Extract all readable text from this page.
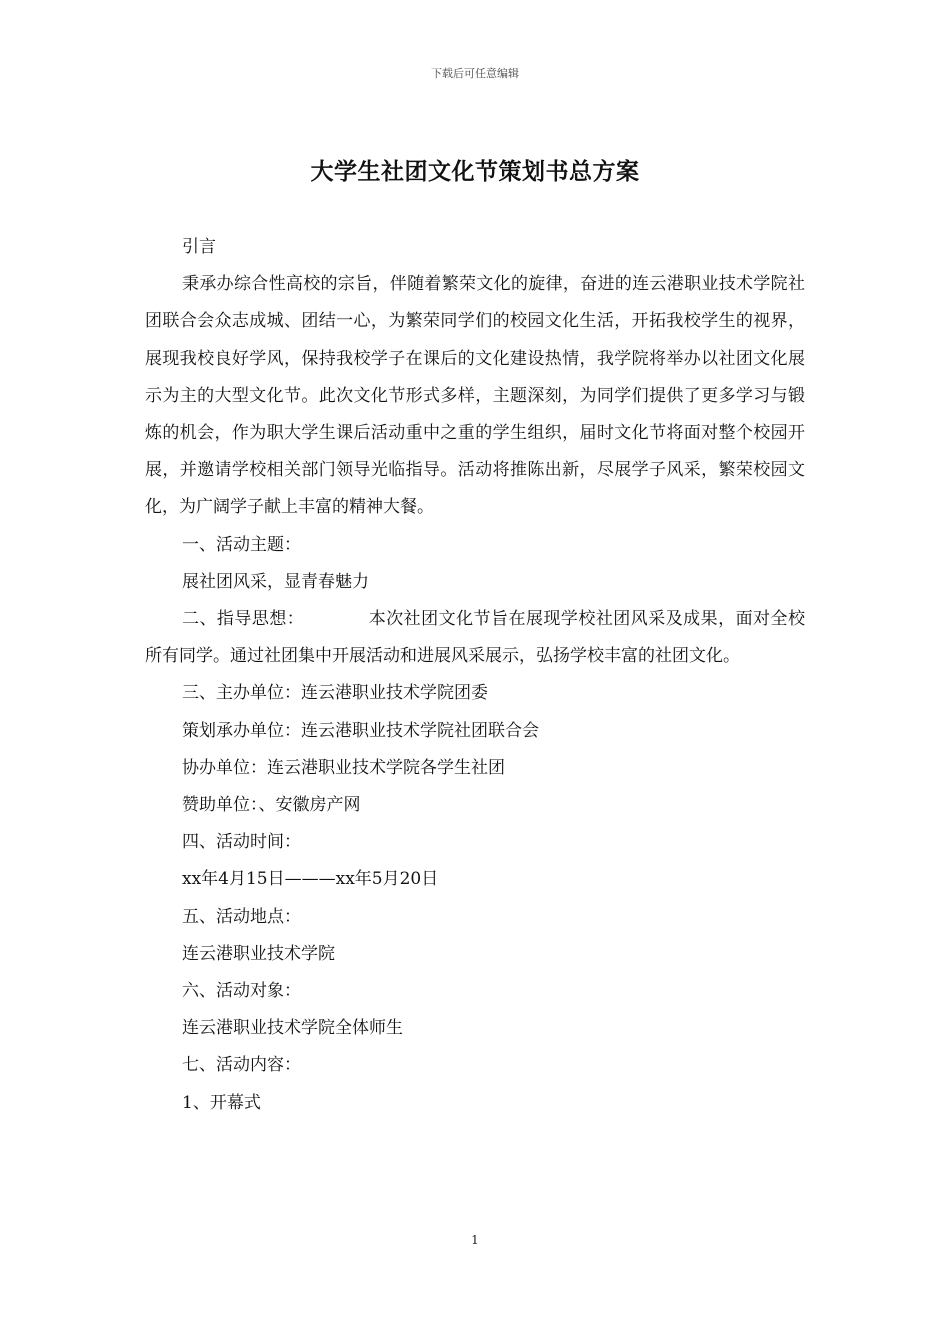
下载后可任意编辑
大学生社团文化节策划书总方案

引言

秉承办综合性高校的宗旨，伴随着繁荣文化的旋律，奋进的连云港职业技术学院社团联合会众志成城、团结一心，为繁荣同学们的校园文化生活，开拓我校学生的视界，展现我校良好学风，保持我校学子在课后的文化建设热情，我学院将举办以社团文化展示为主的大型文化节。此次文化节形式多样，主题深刻，为同学们提供了更多学习与锻炼的机会，作为职大学生课后活动重中之重的学生组织，届时文化节将面对整个校园开展，并邀请学校相关部门领导光临指导。活动将推陈出新，尽展学子风采，繁荣校园文化，为广阔学子献上丰富的精神大餐。

一、活动主题：

展社团风采，显青春魅力

二、指导思想：	本次社团文化节旨在展现学校社团风采及成果，面对全校所有同学。通过社团集中开展活动和进展风采展示，弘扬学校丰富的社团文化。

三、主办单位：连云港职业技术学院团委

策划承办单位：连云港职业技术学院社团联合会

协办单位：连云港职业技术学院各学生社团

赞助单位：、安徽房产网

四、活动时间：

xx年4月15日———xx年5月20日

五、活动地点：

连云港职业技术学院

六、活动对象：

连云港职业技术学院全体师生

七、活动内容：

1、开幕式

1
